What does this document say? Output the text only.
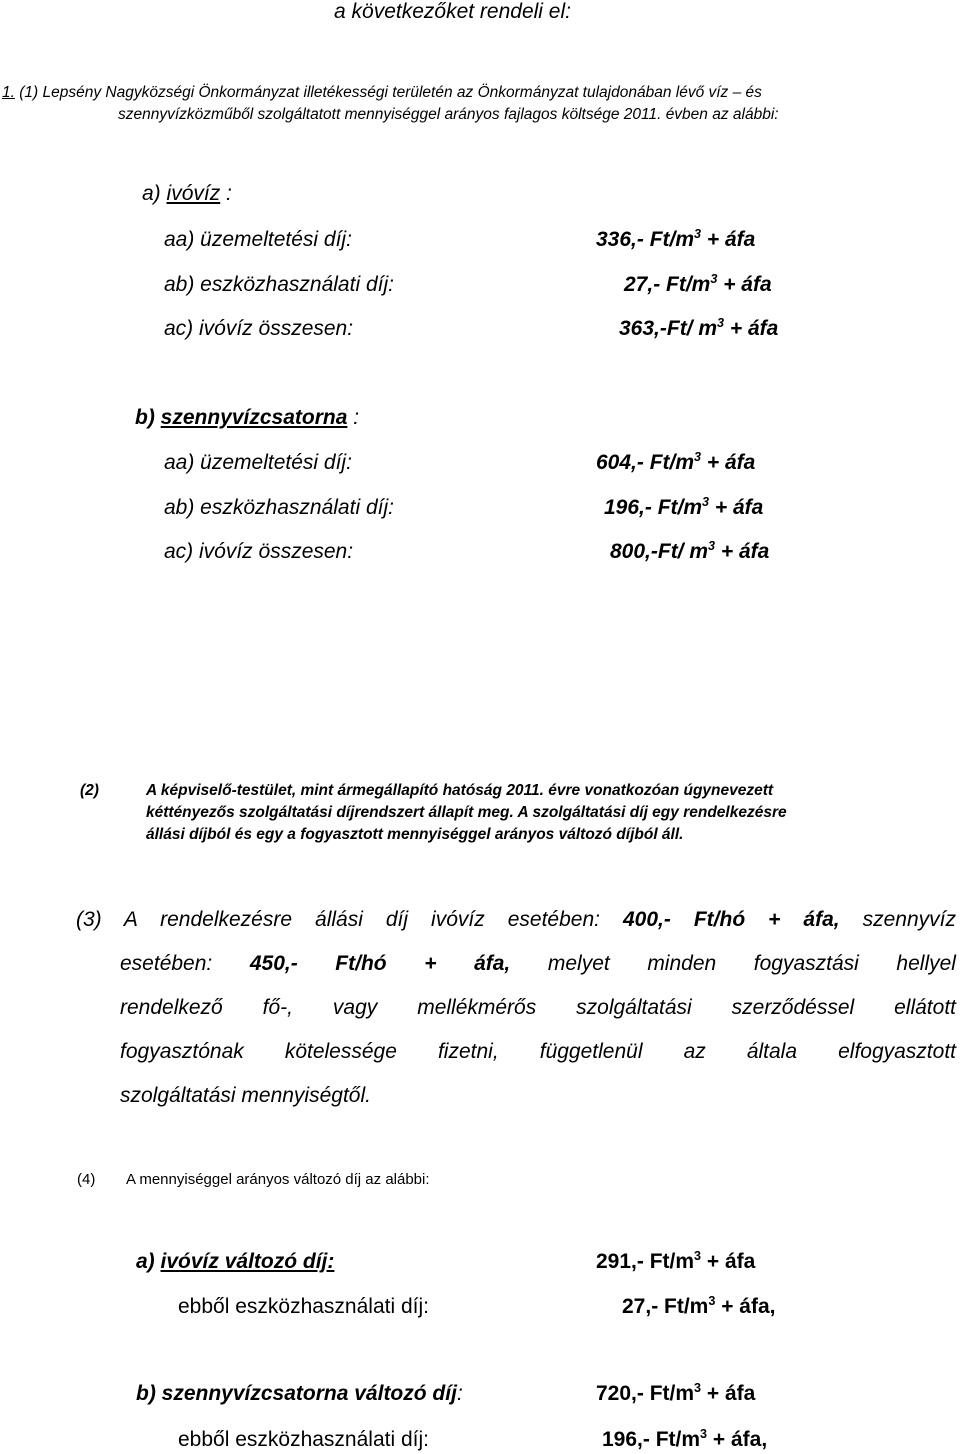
a következőket rendeli el:
1. (1) Lepsény Nagyközségi Önkormányzat illetékességi területén az Önkormányzat tulajdonában lévő víz – és
szennyvízközműből szolgáltatott mennyiséggel arányos fajlagos költsége 2011. évben az alábbi:
a) ivóvíz :
aa) üzemeltetési díj:	336,- $Ft/m^3$ + áfa
ab) eszközhasználati díj:	27,- $Ft/m^3$ + áfa
ac) ivóvíz összesen:	363,-Ft/ $m^3$ + áfa
b) szennyvízcsatorna :
aa) üzemeltetési díj:	604,- $Ft/m^3$ + áfa
ab) eszközhasználati díj:	196,- $Ft/m^3$ + áfa
ac) ivóvíz összesen:	800,-Ft/ $m^3$ + áfa
(2)	A képviselő-testület, mint ármegállapító hatóság 2011. évre vonatkozóan úgynevezett
kéttényezős szolgáltatási díjrendszert állapít meg. A szolgáltatási díj egy rendelkezésre
állási díjból és egy a fogyasztott mennyiséggel arányos változó díjból áll.
(3) A rendelkezésre állási díj ivóvíz esetében: 400,- Ft/hó + áfa, szennyvíz
esetében: 450,- Ft/hó + áfa, melyet minden fogyasztási hellyel
rendelkező fő-, vagy mellékmérős szolgáltatási szerződéssel ellátott
fogyasztónak kötelessége fizetni, függetlenül az általa elfogyasztott
szolgáltatási mennyiségtől.
(4) A mennyiséggel arányos változó díj az alábbi:
a) ivóvíz változó díj:	291,- $Ft/m^3$ + áfa
ebből eszközhasználati díj:	27,- $Ft/m^3$ + áfa,
b) szennyvízcsatorna változó díj:	720,- $Ft/m^3$ + áfa
ebből eszközhasználati díj:	196,- $Ft/m^3$ + áfa,
